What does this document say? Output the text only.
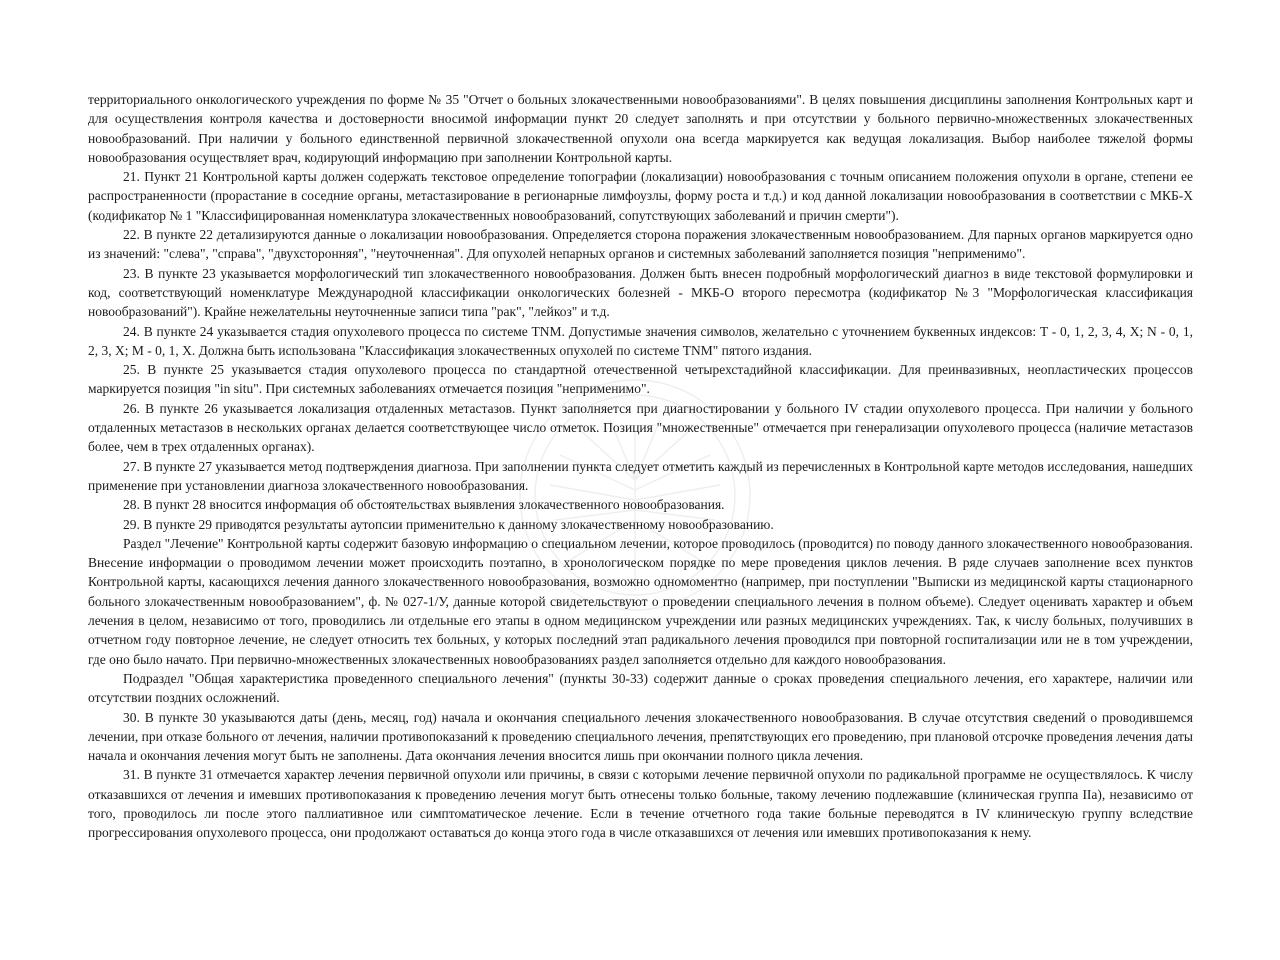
территориального онкологического учреждения по форме № 35 "Отчет о больных злокачественными новообразованиями". В целях повышения дисциплины заполнения Контрольных карт и для осуществления контроля качества и достоверности вносимой информации пункт 20 следует заполнять и при отсутствии у больного первично-множественных злокачественных новообразований. При наличии у больного единственной первичной злокачественной опухоли она всегда маркируется как ведущая локализация. Выбор наиболее тяжелой формы новообразования осуществляет врач, кодирующий информацию при заполнении Контрольной карты.

21. Пункт 21 Контрольной карты должен содержать текстовое определение топографии (локализации) новообразования с точным описанием положения опухоли в органе, степени ее распространенности (прорастание в соседние органы, метастазирование в регионарные лимфоузлы, форму роста и т.д.) и код данной локализации новообразования в соответствии с МКБ-Х (кодификатор № 1 "Классифицированная номенклатура злокачественных новообразований, сопутствующих заболеваний и причин смерти").

22. В пункте 22 детализируются данные о локализации новообразования. Определяется сторона поражения злокачественным новообразованием. Для парных органов маркируется одно из значений: "слева", "справа", "двухсторонняя", "неуточненная". Для опухолей непарных органов и системных заболеваний заполняется позиция "неприменимо".

23. В пункте 23 указывается морфологический тип злокачественного новообразования. Должен быть внесен подробный морфологический диагноз в виде текстовой формулировки и код, соответствующий номенклатуре Международной классификации онкологических болезней - МКБ-О второго пересмотра (кодификатор №3 "Морфологическая классификация новообразований"). Крайне нежелательны неуточненные записи типа "рак", "лейкоз" и т.д.

24. В пункте 24 указывается стадия опухолевого процесса по системе TNM. Допустимые значения символов, желательно с уточнением буквенных индексов: T - 0, 1, 2, 3, 4, X; N - 0, 1, 2, 3, X; M - 0, 1, X. Должна быть использована "Классификация злокачественных опухолей по системе TNM" пятого издания.

25. В пункте 25 указывается стадия опухолевого процесса по стандартной отечественной четырехстадийной классификации. Для преинвазивных, неопластических процессов маркируется позиция "in situ". При системных заболеваниях отмечается позиция "неприменимо".

26. В пункте 26 указывается локализация отдаленных метастазов. Пункт заполняется при диагностировании у больного IV стадии опухолевого процесса. При наличии у больного отдаленных метастазов в нескольких органах делается соответствующее число отметок. Позиция "множественные" отмечается при генерализации опухолевого процесса (наличие метастазов более, чем в трех отдаленных органах).

27. В пункте 27 указывается метод подтверждения диагноза. При заполнении пункта следует отметить каждый из перечисленных в Контрольной карте методов исследования, нашедших применение при установлении диагноза злокачественного новообразования.

28. В пункт 28 вносится информация об обстоятельствах выявления злокачественного новообразования.

29. В пункте 29 приводятся результаты аутопсии применительно к данному злокачественному новообразованию.

Раздел "Лечение" Контрольной карты содержит базовую информацию о специальном лечении, которое проводилось (проводится) по поводу данного злокачественного новообразования. Внесение информации о проводимом лечении может происходить поэтапно, в хронологическом порядке по мере проведения циклов лечения. В ряде случаев заполнение всех пунктов Контрольной карты, касающихся лечения данного злокачественного новообразования, возможно одномоментно (например, при поступлении "Выписки из медицинской карты стационарного больного злокачественным новообразованием", ф. № 027-1/У, данные которой свидетельствуют о проведении специального лечения в полном объеме). Следует оценивать характер и объем лечения в целом, независимо от того, проводились ли отдельные его этапы в одном медицинском учреждении или разных медицинских учреждениях. Так, к числу больных, получивших в отчетном году повторное лечение, не следует относить тех больных, у которых последний этап радикального лечения проводился при повторной госпитализации или не в том учреждении, где оно было начато. При первично-множественных злокачественных новообразованиях раздел заполняется отдельно для каждого новообразования.

Подраздел "Общая характеристика проведенного специального лечения" (пункты 30-33) содержит данные о сроках проведения специального лечения, его характере, наличии или отсутствии поздних осложнений.

30. В пункте 30 указываются даты (день, месяц, год) начала и окончания специального лечения злокачественного новообразования. В случае отсутствия сведений о проводившемся лечении, при отказе больного от лечения, наличии противопоказаний к проведению специального лечения, препятствующих его проведению, при плановой отсрочке проведения лечения даты начала и окончания лечения могут быть не заполнены. Дата окончания лечения вносится лишь при окончании полного цикла лечения.

31. В пункте 31 отмечается характер лечения первичной опухоли или причины, в связи с которыми лечение первичной опухоли по радикальной программе не осуществлялось. К числу отказавшихся от лечения и имевших противопоказания к проведению лечения могут быть отнесены только больные, такому лечению подлежавшие (клиническая группа IIa), независимо от того, проводилось ли после этого паллиативное или симптоматическое лечение. Если в течение отчетного года такие больные переводятся в IV клиническую группу вследствие прогрессирования опухолевого процесса, они продолжают оставаться до конца этого года в числе отказавшихся от лечения или имевших противопоказания к нему.
